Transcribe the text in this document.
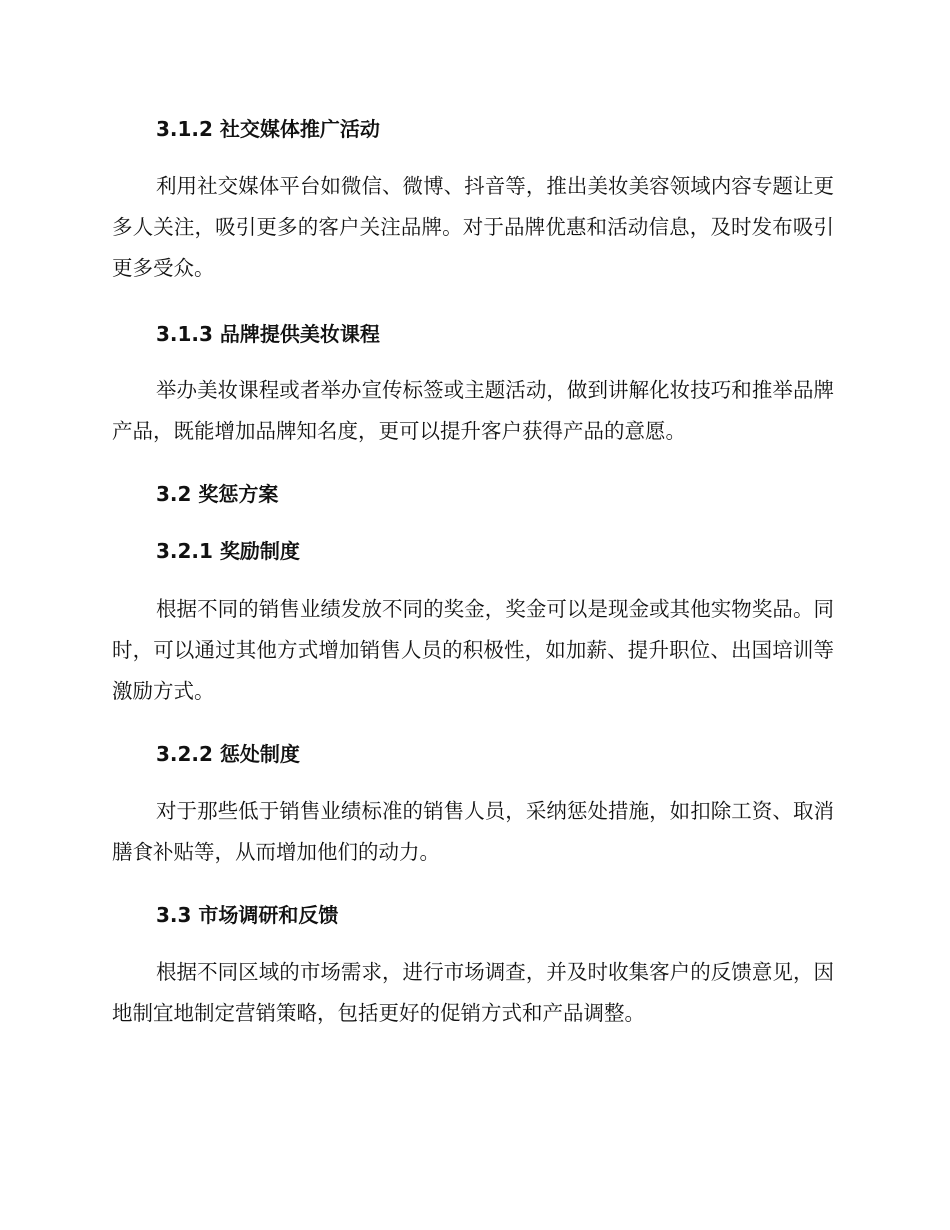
3.1.2 社交媒体推广活动
利用社交媒体平台如微信、微博、抖音等，推出美妆美容领域内容专题让更多人关注，吸引更多的客户关注品牌。对于品牌优惠和活动信息，及时发布吸引更多受众。
3.1.3 品牌提供美妆课程
举办美妆课程或者举办宣传标签或主题活动，做到讲解化妆技巧和推举品牌产品，既能增加品牌知名度，更可以提升客户获得产品的意愿。
3.2 奖惩方案
3.2.1 奖励制度
根据不同的销售业绩发放不同的奖金，奖金可以是现金或其他实物奖品。同时，可以通过其他方式增加销售人员的积极性，如加薪、提升职位、出国培训等激励方式。
3.2.2 惩处制度
对于那些低于销售业绩标准的销售人员，采纳惩处措施，如扣除工资、取消膳食补贴等，从而增加他们的动力。
3.3 市场调研和反馈
根据不同区域的市场需求，进行市场调查，并及时收集客户的反馈意见，因地制宜地制定营销策略，包括更好的促销方式和产品调整。
